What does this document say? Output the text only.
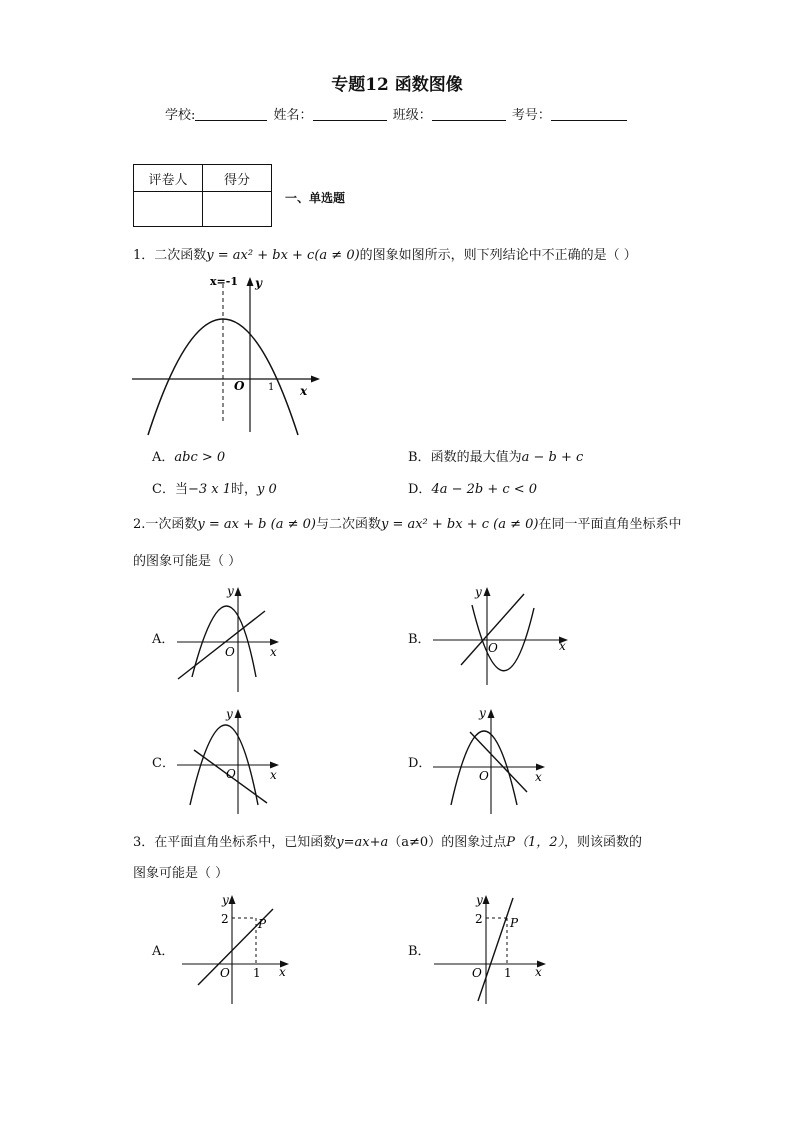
专题12 函数图像
学校:	姓名：	班级：	考号：
评卷人	得分

一、单选题
1．二次函数y = ax² + bx + c(a ≠ 0)的图象如图所示，则下列结论中不正确的是（ ）
x=-1 y
x
O 1
A．abc > 0	B．函数的最大值为a − b + c
C．当−3 x 1时，y 0	D．4a − 2b + c < 0
2.一次函数y = ax + b (a ≠ 0)与二次函数y = ax² + bx + c (a ≠ 0)在同一平面直角坐标系中
的图象可能是（ ）
A．
y
x
O
B．
y
x
O
C．
y
x
O
D．
y
x
O
3．在平面直角坐标系中，已知函数y=ax+a（a≠0）的图象过点P（1，2），则该函数的
图象可能是（ ）
A．
y
x
O
2
1
P
B．
y
x
O
2
1
P
